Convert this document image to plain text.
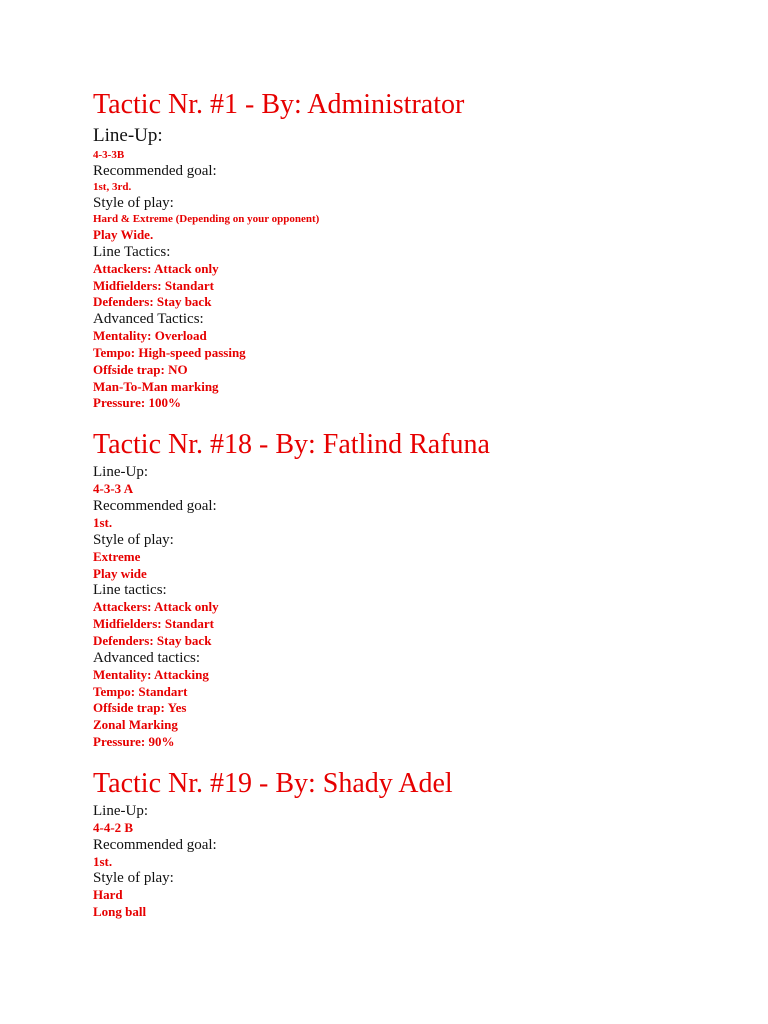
Tactic Nr. #1 - By: Administrator

Line-Up:

4-3-3B

Recommended goal:

1st, 3rd.

Style of play:

Hard & Extreme (Depending on your opponent)

Play Wide.

Line Tactics:

Attackers: Attack only

Midfielders: Standart

Defenders: Stay back

Advanced Tactics:

Mentality: Overload

Tempo: High-speed passing

Offside trap: NO

Man-To-Man marking

Pressure: 100%

Tactic Nr. #18 - By: Fatlind Rafuna

Line-Up:

4-3-3 A

Recommended goal:

1st.

Style of play:

Extreme

Play wide

Line tactics:

Attackers: Attack only

Midfielders: Standart

Defenders: Stay back

Advanced tactics:

Mentality: Attacking

Tempo: Standart

Offside trap: Yes

Zonal Marking

Pressure: 90%

Tactic Nr. #19 - By: Shady Adel

Line-Up:

4-4-2 B

Recommended goal:

1st.

Style of play:

Hard

Long ball
